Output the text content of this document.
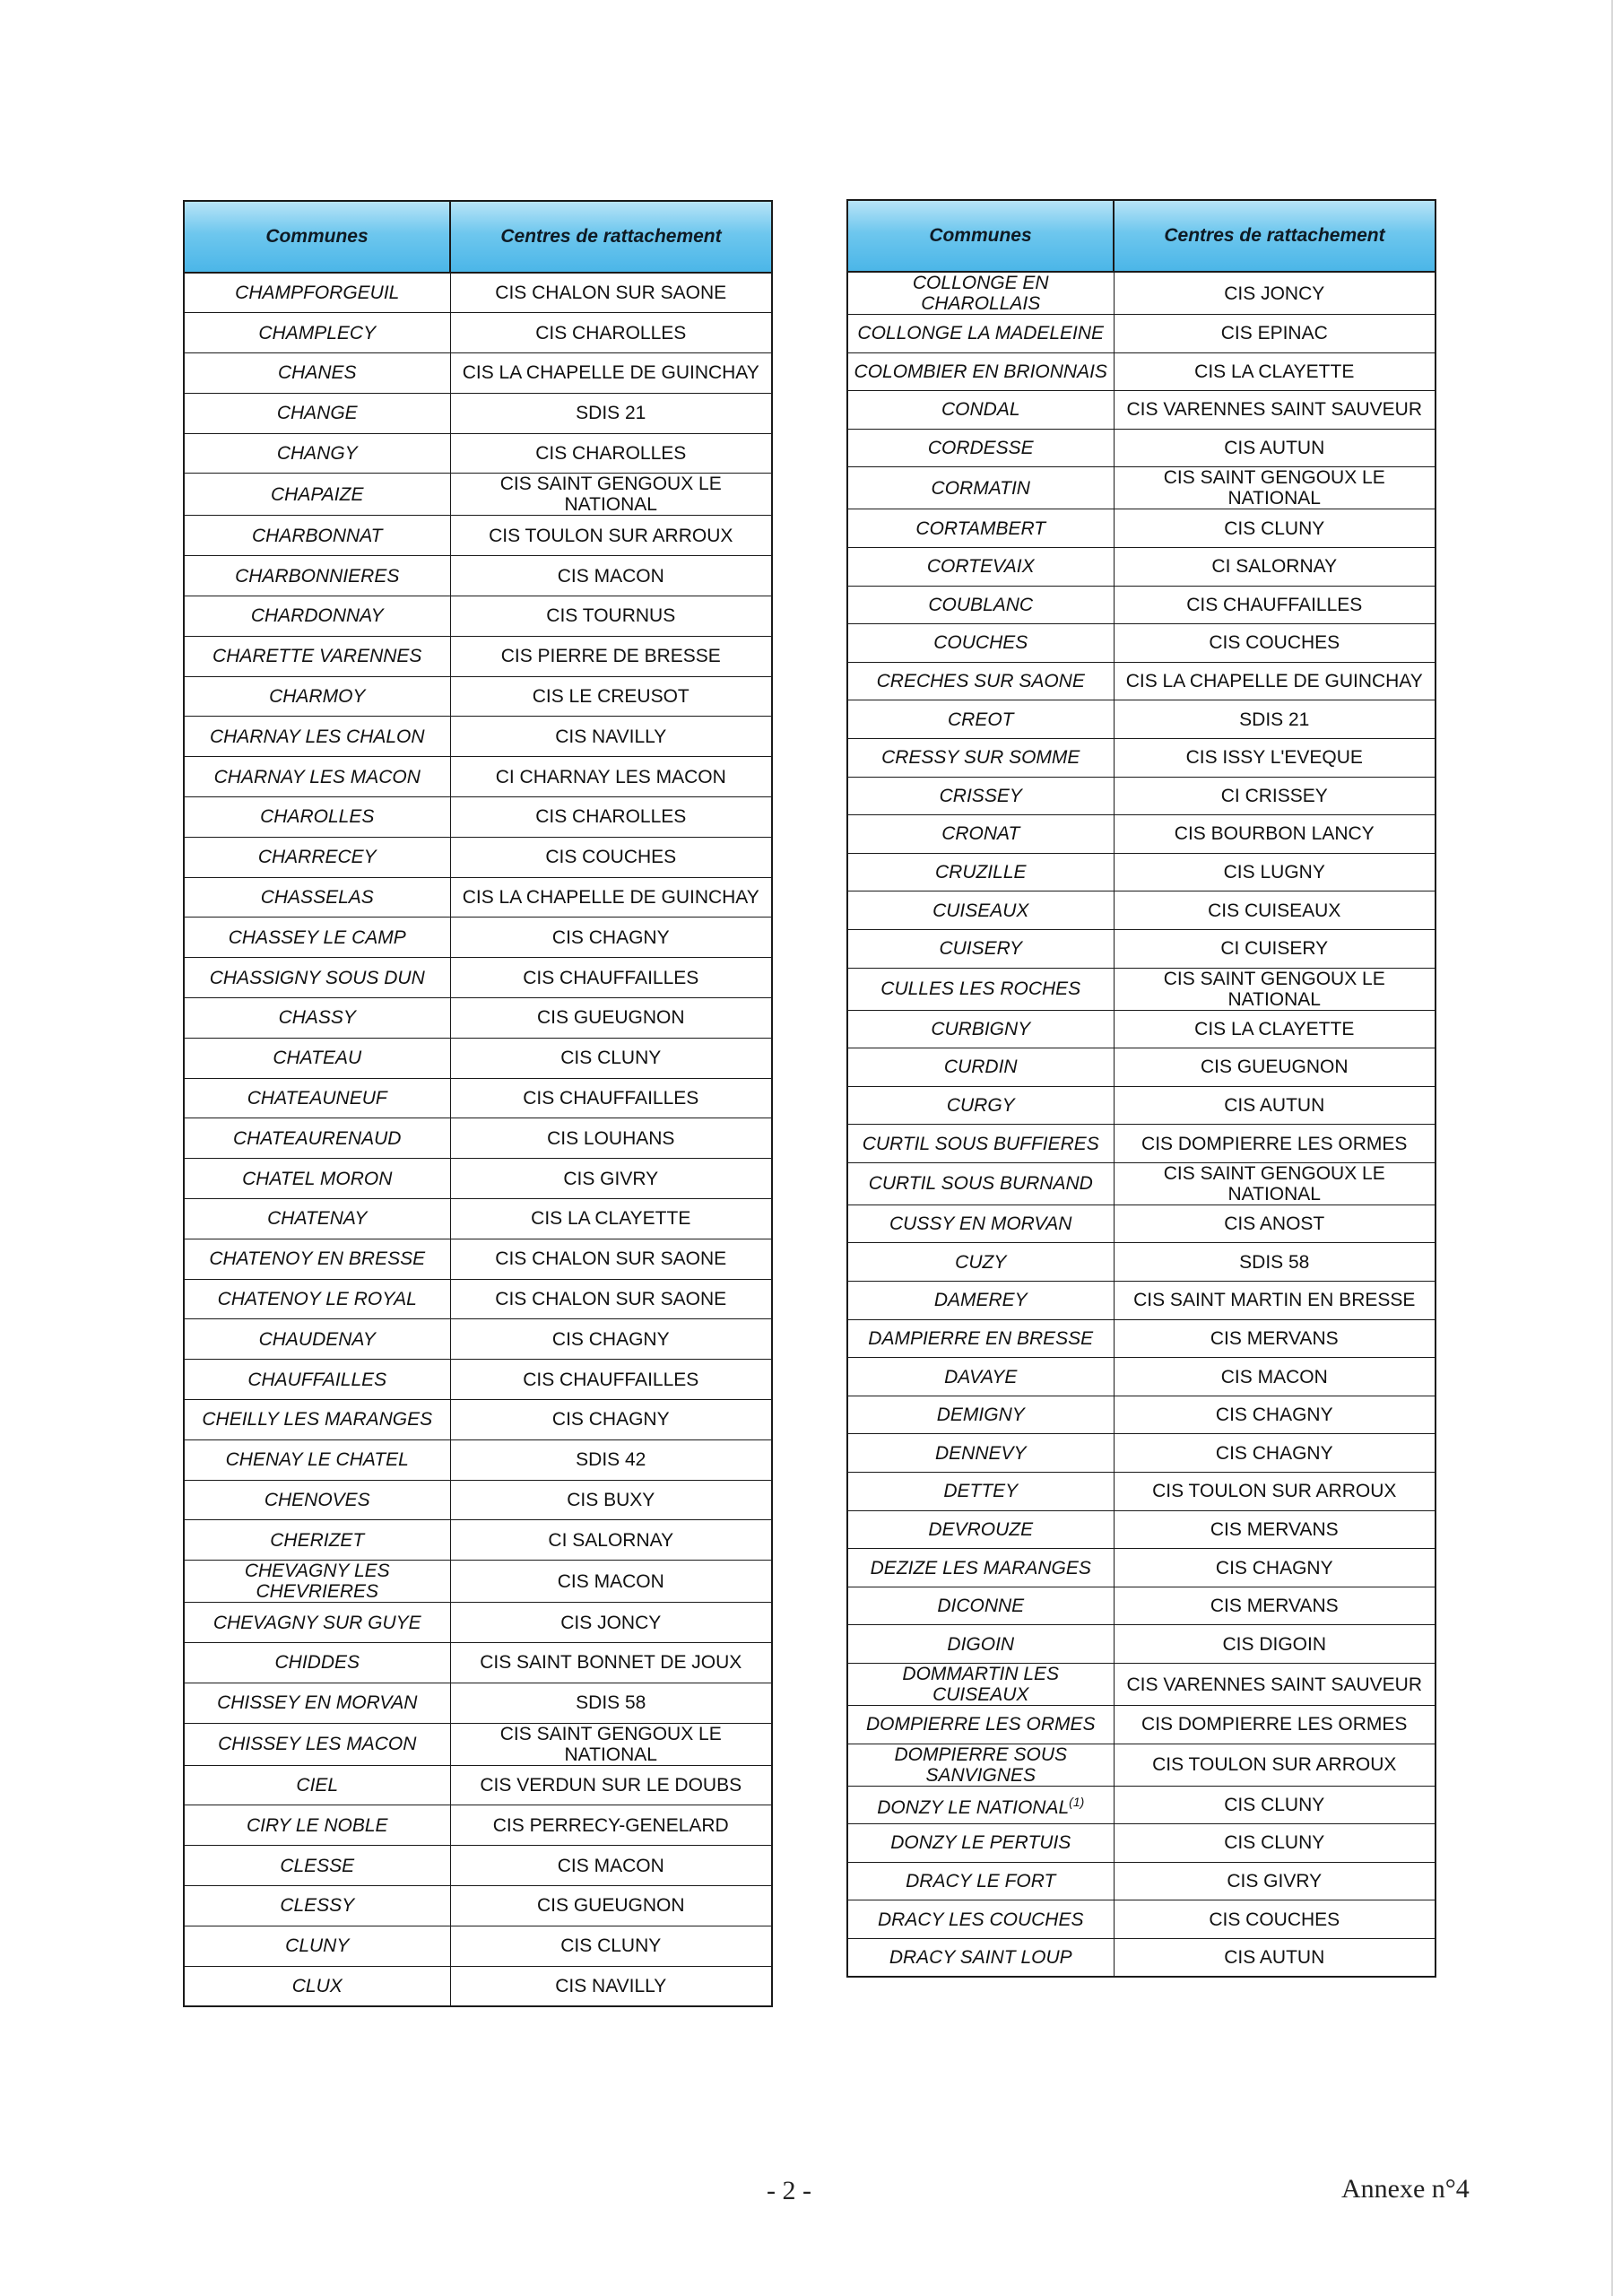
Communes	Centres de rattachement
CHAMPFORGEUIL	CIS CHALON SUR SAONE
CHAMPLECY	CIS CHAROLLES
CHANES	CIS LA CHAPELLE DE GUINCHAY
CHANGE	SDIS 21
CHANGY	CIS CHAROLLES
CHAPAIZE	CIS SAINT GENGOUX LE NATIONAL
CHARBONNAT	CIS TOULON SUR ARROUX
CHARBONNIERES	CIS MACON
CHARDONNAY	CIS TOURNUS
CHARETTE VARENNES	CIS PIERRE DE BRESSE
CHARMOY	CIS LE CREUSOT
CHARNAY LES CHALON	CIS NAVILLY
CHARNAY LES MACON	CI CHARNAY LES MACON
CHAROLLES	CIS CHAROLLES
CHARRECEY	CIS COUCHES
CHASSELAS	CIS LA CHAPELLE DE GUINCHAY
CHASSEY LE CAMP	CIS CHAGNY
CHASSIGNY SOUS DUN	CIS CHAUFFAILLES
CHASSY	CIS GUEUGNON
CHATEAU	CIS CLUNY
CHATEAUNEUF	CIS CHAUFFAILLES
CHATEAURENAUD	CIS LOUHANS
CHATEL MORON	CIS GIVRY
CHATENAY	CIS LA CLAYETTE
CHATENOY EN BRESSE	CIS CHALON SUR SAONE
CHATENOY LE ROYAL	CIS CHALON SUR SAONE
CHAUDENAY	CIS CHAGNY
CHAUFFAILLES	CIS CHAUFFAILLES
CHEILLY LES MARANGES	CIS CHAGNY
CHENAY LE CHATEL	SDIS 42
CHENOVES	CIS BUXY
CHERIZET	CI SALORNAY
CHEVAGNY LES CHEVRIERES	CIS MACON
CHEVAGNY SUR GUYE	CIS JONCY
CHIDDES	CIS SAINT BONNET DE JOUX
CHISSEY EN MORVAN	SDIS 58
CHISSEY LES MACON	CIS SAINT GENGOUX LE NATIONAL
CIEL	CIS VERDUN SUR LE DOUBS
CIRY LE NOBLE	CIS PERRECY-GENELARD
CLESSE	CIS MACON
CLESSY	CIS GUEUGNON
CLUNY	CIS CLUNY
CLUX	CIS NAVILLY
Communes	Centres de rattachement
COLLONGE EN CHAROLLAIS	CIS JONCY
COLLONGE LA MADELEINE	CIS EPINAC
COLOMBIER EN BRIONNAIS	CIS LA CLAYETTE
CONDAL	CIS VARENNES SAINT SAUVEUR
CORDESSE	CIS AUTUN
CORMATIN	CIS SAINT GENGOUX LE NATIONAL
CORTAMBERT	CIS CLUNY
CORTEVAIX	CI SALORNAY
COUBLANC	CIS CHAUFFAILLES
COUCHES	CIS COUCHES
CRECHES SUR SAONE	CIS LA CHAPELLE DE GUINCHAY
CREOT	SDIS 21
CRESSY SUR SOMME	CIS ISSY L'EVEQUE
CRISSEY	CI CRISSEY
CRONAT	CIS BOURBON LANCY
CRUZILLE	CIS LUGNY
CUISEAUX	CIS CUISEAUX
CUISERY	CI CUISERY
CULLES LES ROCHES	CIS SAINT GENGOUX LE NATIONAL
CURBIGNY	CIS LA CLAYETTE
CURDIN	CIS GUEUGNON
CURGY	CIS AUTUN
CURTIL SOUS BUFFIERES	CIS DOMPIERRE LES ORMES
CURTIL SOUS BURNAND	CIS SAINT GENGOUX LE NATIONAL
CUSSY EN MORVAN	CIS ANOST
CUZY	SDIS 58
DAMEREY	CIS SAINT MARTIN EN BRESSE
DAMPIERRE EN BRESSE	CIS MERVANS
DAVAYE	CIS MACON
DEMIGNY	CIS CHAGNY
DENNEVY	CIS CHAGNY
DETTEY	CIS TOULON SUR ARROUX
DEVROUZE	CIS MERVANS
DEZIZE LES MARANGES	CIS CHAGNY
DICONNE	CIS MERVANS
DIGOIN	CIS DIGOIN
DOMMARTIN LES CUISEAUX	CIS VARENNES SAINT SAUVEUR
DOMPIERRE LES ORMES	CIS DOMPIERRE LES ORMES
DOMPIERRE SOUS SANVIGNES	CIS TOULON SUR ARROUX
DONZY LE NATIONAL$^{(1)}$	CIS CLUNY
DONZY LE PERTUIS	CIS CLUNY
DRACY LE FORT	CIS GIVRY
DRACY LES COUCHES	CIS COUCHES
DRACY SAINT LOUP	CIS AUTUN
- 2 -	Annexe n°4
